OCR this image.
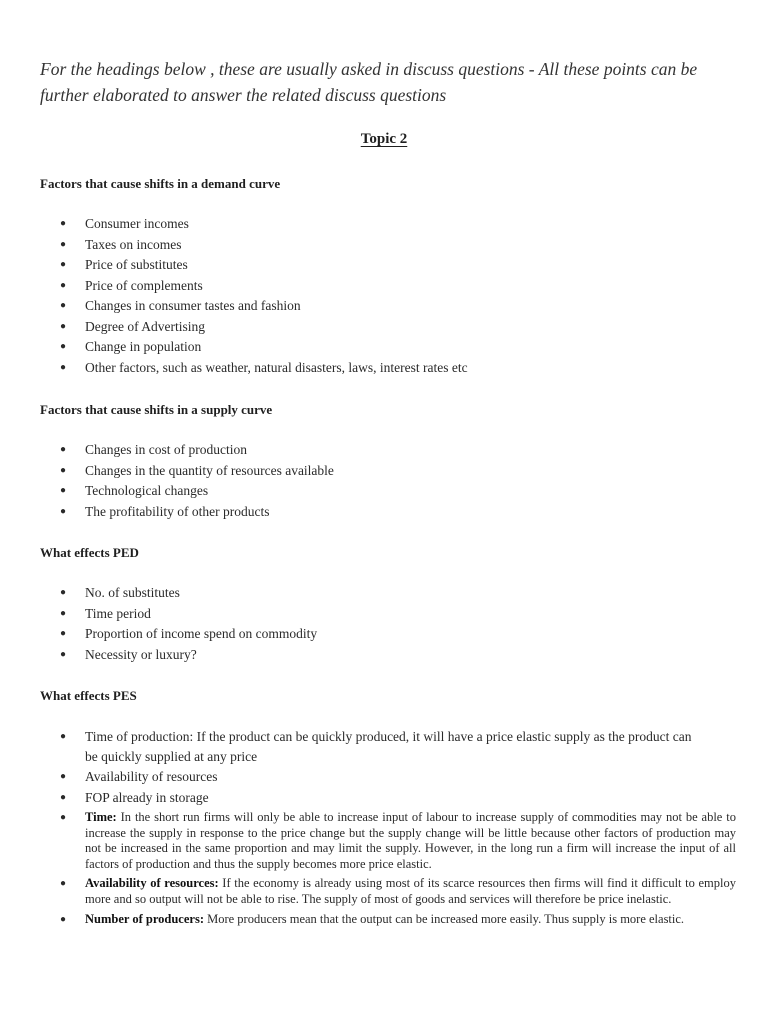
For the headings below , these are usually asked in discuss questions - All these points can be further elaborated to answer the related discuss questions
Topic 2
Factors that cause shifts in a demand curve
● Consumer incomes
● Taxes on incomes
● Price of substitutes
● Price of complements
● Changes in consumer tastes and fashion
● Degree of Advertising
● Change in population
● Other factors, such as weather, natural disasters, laws, interest rates etc
Factors that cause shifts in a supply curve
● Changes in cost of production
● Changes in the quantity of resources available
● Technological changes
● The profitability of other products
What effects PED
● No. of substitutes
● Time period
● Proportion of income spend on commodity
● Necessity or luxury?
What effects PES
● Time of production: If the product can be quickly produced, it will have a price elastic supply as the product can be quickly supplied at any price
● Availability of resources
● FOP already in storage
● Time: In the short run firms will only be able to increase input of labour to increase supply of commodities may not be able to increase the supply in response to the price change but the supply change will be little because other factors of production may not be increased in the same proportion and may limit the supply. However, in the long run a firm will increase the input of all factors of production and thus the supply becomes more price elastic.
● Availability of resources: If the economy is already using most of its scarce resources then firms will find it difficult to employ more and so output will not be able to rise. The supply of most of goods and services will therefore be price inelastic.
● Number of producers: More producers mean that the output can be increased more easily. Thus supply is more elastic.
